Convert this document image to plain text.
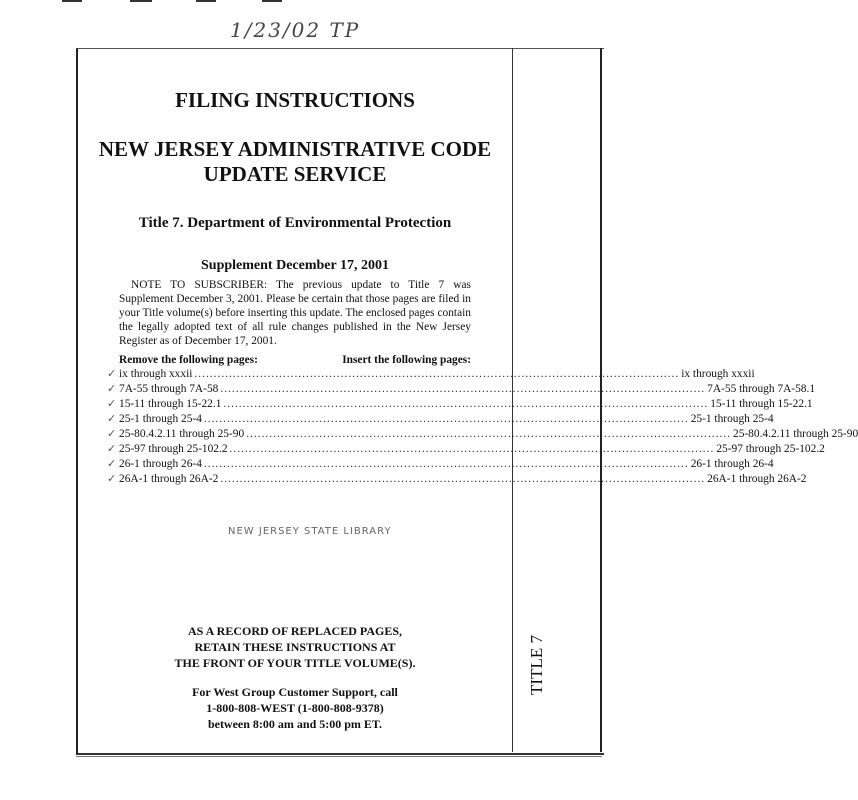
1/23/02 TP
FILING INSTRUCTIONS
NEW JERSEY ADMINISTRATIVE CODE
UPDATE SERVICE
Title 7. Department of Environmental Protection
Supplement December 17, 2001
NOTE TO SUBSCRIBER: The previous update to Title 7 was Supplement December 3, 2001. Please be certain that those pages are filed in your Title volume(s) before inserting this update. The enclosed pages contain the legally adopted text of all rule changes published in the New Jersey Register as of December 17, 2001.
Remove the following pages:	Insert the following pages:
✓ ix through xxxii .............................................................................................................................. ix through xxxii
✓ 7A-55 through 7A-58 .............................................................................................................................. 7A-55 through 7A-58.1
✓ 15-11 through 15-22.1 .............................................................................................................................. 15-11 through 15-22.1
✓ 25-1 through 25-4 .............................................................................................................................. 25-1 through 25-4
✓ 25-80.4.2.11 through 25-90 .............................................................................................................................. 25-80.4.2.11 through 25-90
✓ 25-97 through 25-102.2 .............................................................................................................................. 25-97 through 25-102.2
✓ 26-1 through 26-4 .............................................................................................................................. 26-1 through 26-4
✓ 26A-1 through 26A-2 .............................................................................................................................. 26A-1 through 26A-2
NEW JERSEY STATE LIBRARY
AS A RECORD OF REPLACED PAGES,
RETAIN THESE INSTRUCTIONS AT
THE FRONT OF YOUR TITLE VOLUME(S).
For West Group Customer Support, call
1-800-808-WEST (1-800-808-9378)
between 8:00 am and 5:00 pm ET.
TITLE 7
